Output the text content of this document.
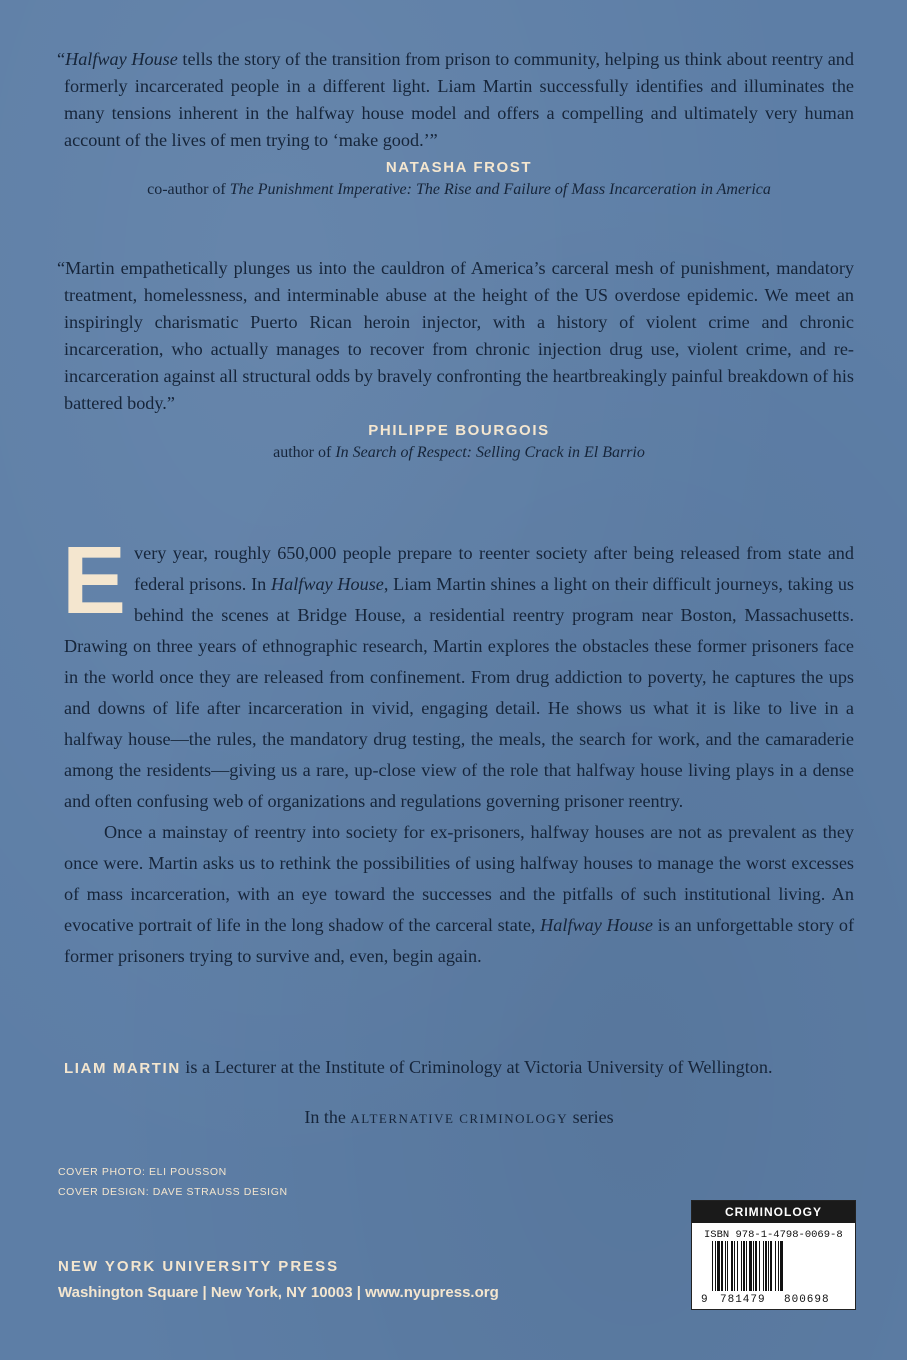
“Halfway House tells the story of the transition from prison to community, helping us think about reentry and formerly incarcerated people in a different light. Liam Martin successfully identifies and illuminates the many tensions inherent in the halfway house model and offers a compelling and ultimately very human account of the lives of men trying to ‘make good.’”
NATASHA FROST
co-author of The Punishment Imperative: The Rise and Failure of Mass Incarceration in America
“Martin empathetically plunges us into the cauldron of America’s carceral mesh of punishment, mandatory treatment, homelessness, and interminable abuse at the height of the US overdose epidemic. We meet an inspiringly charismatic Puerto Rican heroin injector, with a history of violent crime and chronic incarceration, who actually manages to recover from chronic injection drug use, violent crime, and re-incarceration against all structural odds by bravely confronting the heartbreakingly painful breakdown of his battered body.”
PHILIPPE BOURGOIS
author of In Search of Respect: Selling Crack in El Barrio

Every year, roughly 650,000 people prepare to reenter society after being released from state and federal prisons. In Halfway House, Liam Martin shines a light on their difficult journeys, taking us behind the scenes at Bridge House, a residential reentry program near Boston, Massachusetts. Drawing on three years of ethnographic research, Martin explores the obstacles these former prisoners face in the world once they are released from confinement. From drug addiction to poverty, he captures the ups and downs of life after incarceration in vivid, engaging detail. He shows us what it is like to live in a halfway house—the rules, the mandatory drug testing, the meals, the search for work, and the camaraderie among the residents—giving us a rare, up-close view of the role that halfway house living plays in a dense and often confusing web of organizations and regulations governing prisoner reentry.

Once a mainstay of reentry into society for ex-prisoners, halfway houses are not as prevalent as they once were. Martin asks us to rethink the possibilities of using halfway houses to manage the worst excesses of mass incarceration, with an eye toward the successes and the pitfalls of such institutional living. An evocative portrait of life in the long shadow of the carceral state, Halfway House is an unforgettable story of former prisoners trying to survive and, even, begin again.

LIAM MARTIN is a Lecturer at the Institute of Criminology at Victoria University of Wellington.
In the ALTERNATIVE CRIMINOLOGY series
COVER PHOTO: ELI POUSSON
COVER DESIGN: DAVE STRAUSS DESIGN
NEW YORK UNIVERSITY PRESS
Washington Square | New York, NY 10003 | www.nyupress.org
CRIMINOLOGY
ISBN 978-1-4798-0069-8
9 781479 800698
